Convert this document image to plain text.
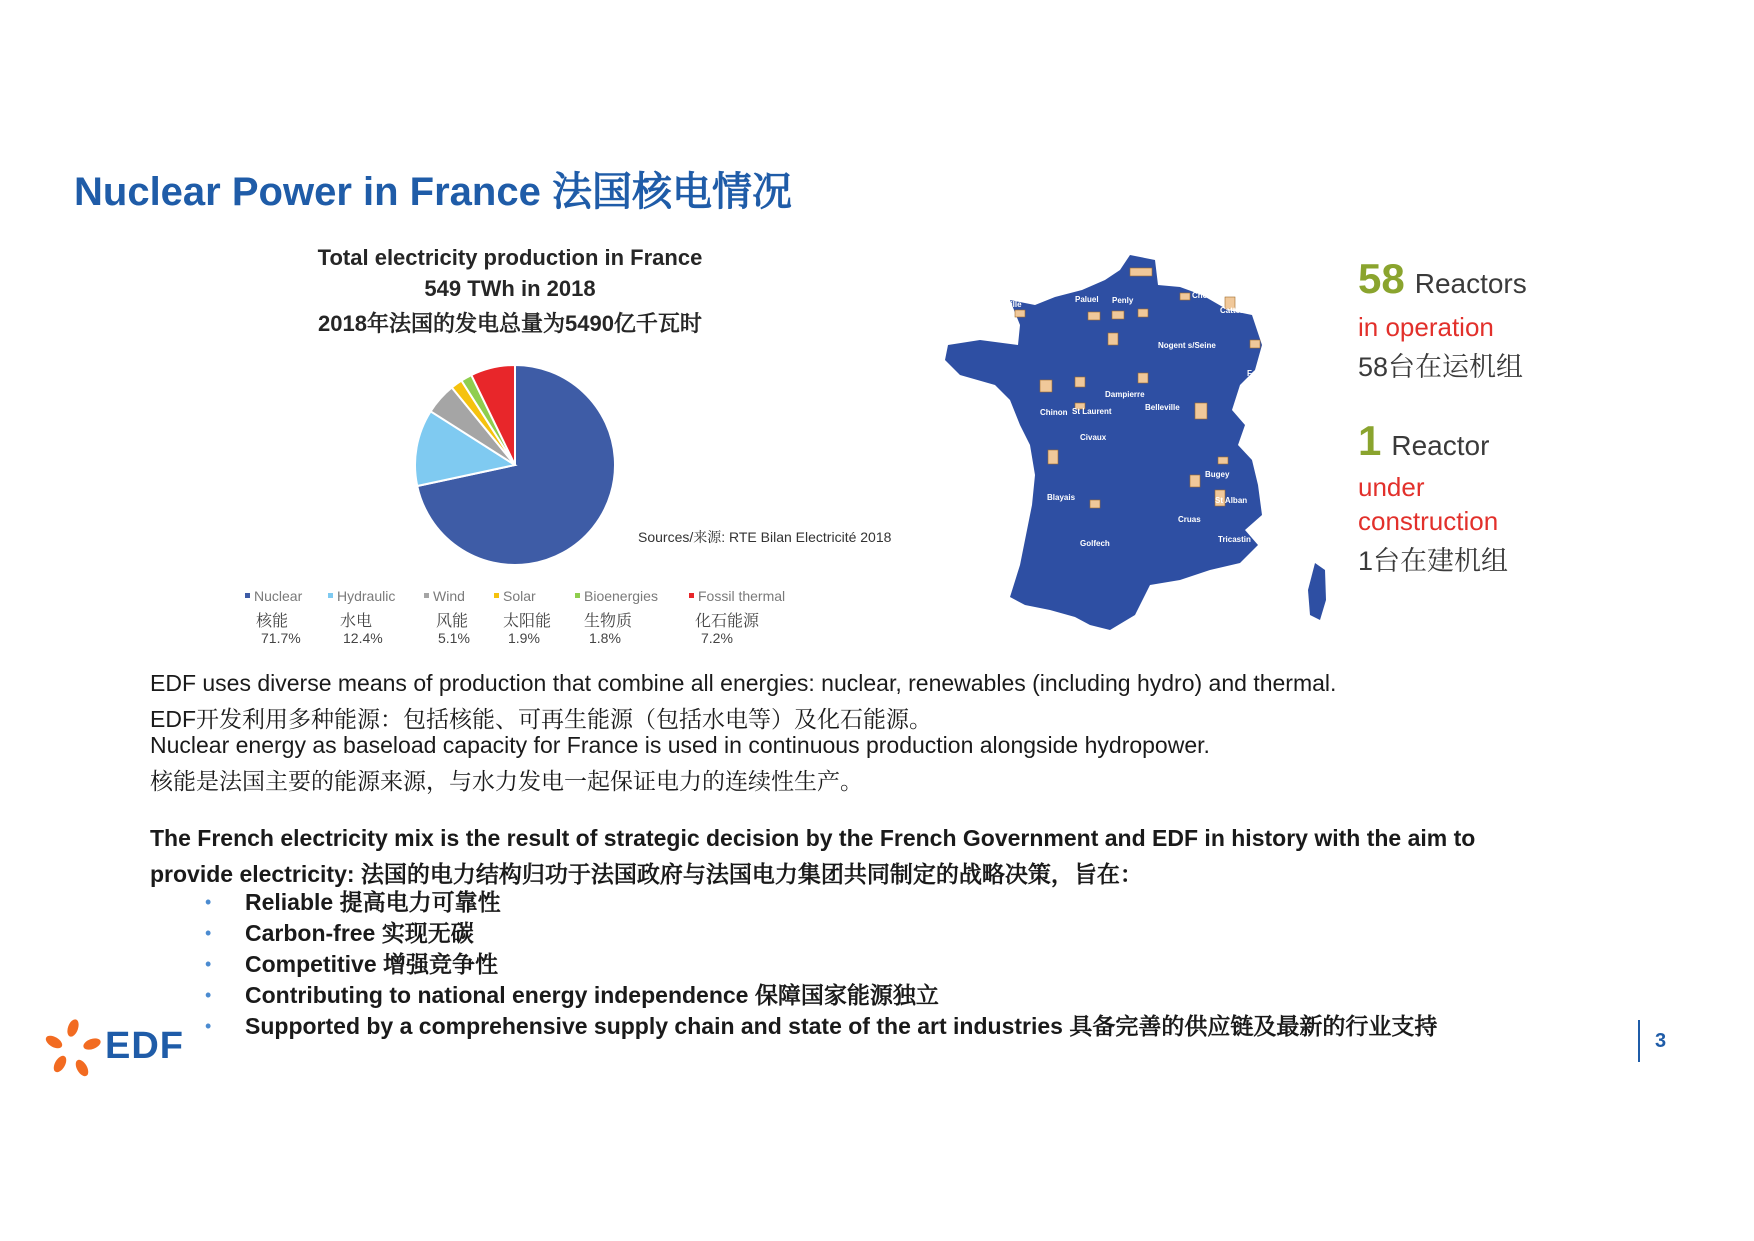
Nuclear Power in France 法国核电情况
Total electricity production in France
549 TWh in 2018
2018年法国的发电总量为5490亿千瓦时
Sources/来源: RTE Bilan Electricité 2018
Nuclear	Hydraulic	Wind	Solar	Bioenergies	Fossil thermal
核能	水电	风能 太阳能 生物质	化石能源
71.7%	12.4%	5.1%	1.9%	1.8%	7.2%
Gravelines
Paluel Penly
Chooz
Flamanville
Cattenom
Nogent s/Seine
Fessenheim
Dampierre
Chinon St Laurent	Belleville
Civaux
Bugey
Blayais	St Alban
Cruas
Tricastin
Golfech
58 Reactors
in operation
58台在运机组
1 Reactor
under
construction
1台在建机组
EDF uses diverse means of production that combine all energies: nuclear, renewables (including hydro) and thermal.
EDF开发利用多种能源：包括核能、可再生能源（包括水电等）及化石能源。
Nuclear energy as baseload capacity for France is used in continuous production alongside hydropower.
核能是法国主要的能源来源，与水力发电一起保证电力的连续性生产。
The French electricity mix is the result of strategic decision by the French Government and EDF in history with the aim to
provide electricity: 法国的电力结构归功于法国政府与法国电力集团共同制定的战略决策，旨在：
• Reliable 提高电力可靠性
• Carbon-free 实现无碳
• Competitive 增强竞争性
• Contributing to national energy independence 保障国家能源独立
• Supported by a comprehensive supply chain and state of the art industries 具备完善的供应链及最新的行业支持
EDF	3
